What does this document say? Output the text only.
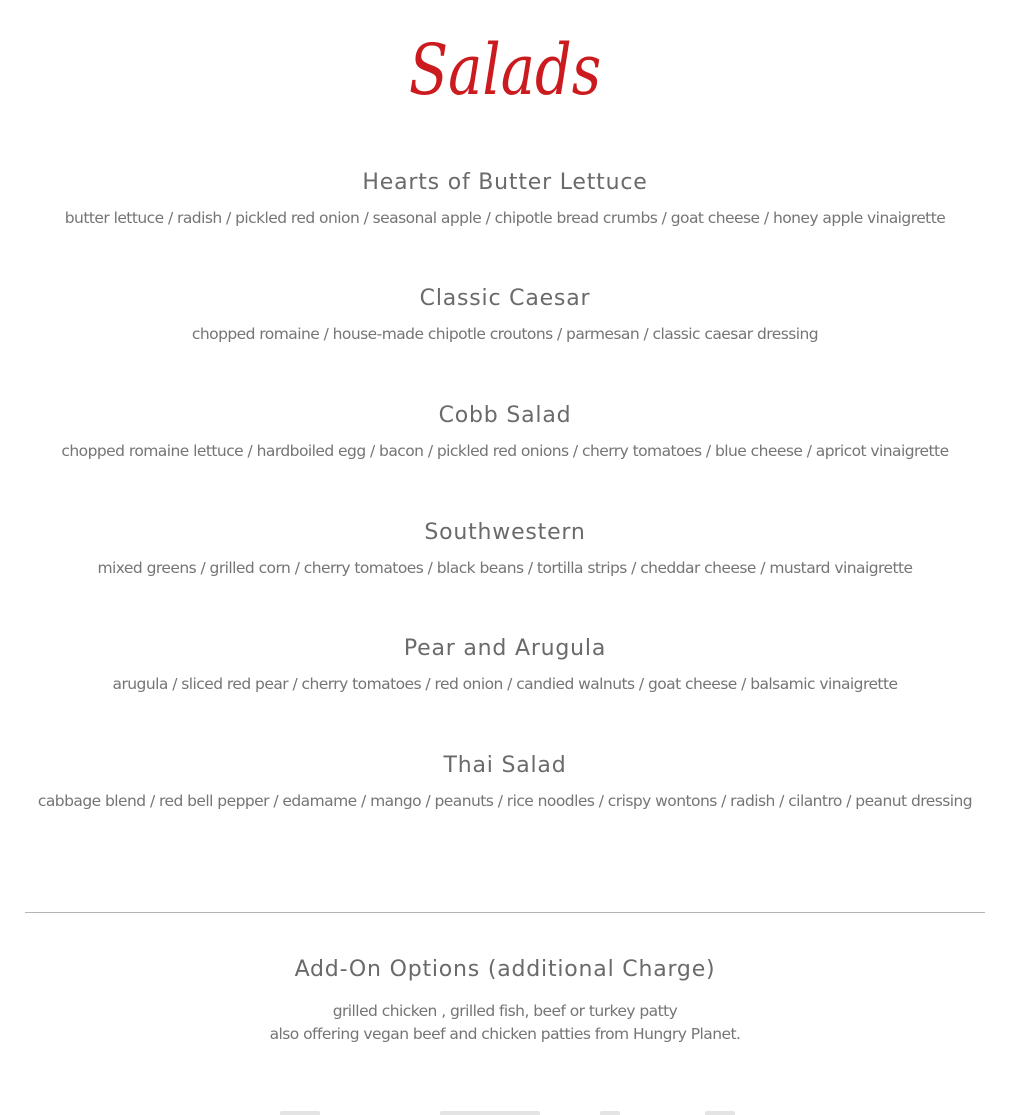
Salads

Hearts of Butter Lettuce

butter lettuce / radish / pickled red onion / seasonal apple / chipotle bread crumbs / goat cheese / honey apple vinaigrette

Classic Caesar

chopped romaine / house-made chipotle croutons / parmesan / classic caesar dressing

Cobb Salad

chopped romaine lettuce / hardboiled egg / bacon / pickled red onions / cherry tomatoes / blue cheese / apricot vinaigrette

Southwestern

mixed greens / grilled corn / cherry tomatoes / black beans / tortilla strips / cheddar cheese / mustard vinaigrette

Pear and Arugula

arugula / sliced red pear / cherry tomatoes / red onion / candied walnuts / goat cheese / balsamic vinaigrette

Thai Salad

cabbage blend / red bell pepper / edamame / mango / peanuts / rice noodles / crispy wontons / radish / cilantro / peanut dressing

Add-On Options (additional Charge)

grilled chicken , grilled fish, beef or turkey patty

also offering vegan beef and chicken patties from Hungry Planet.
